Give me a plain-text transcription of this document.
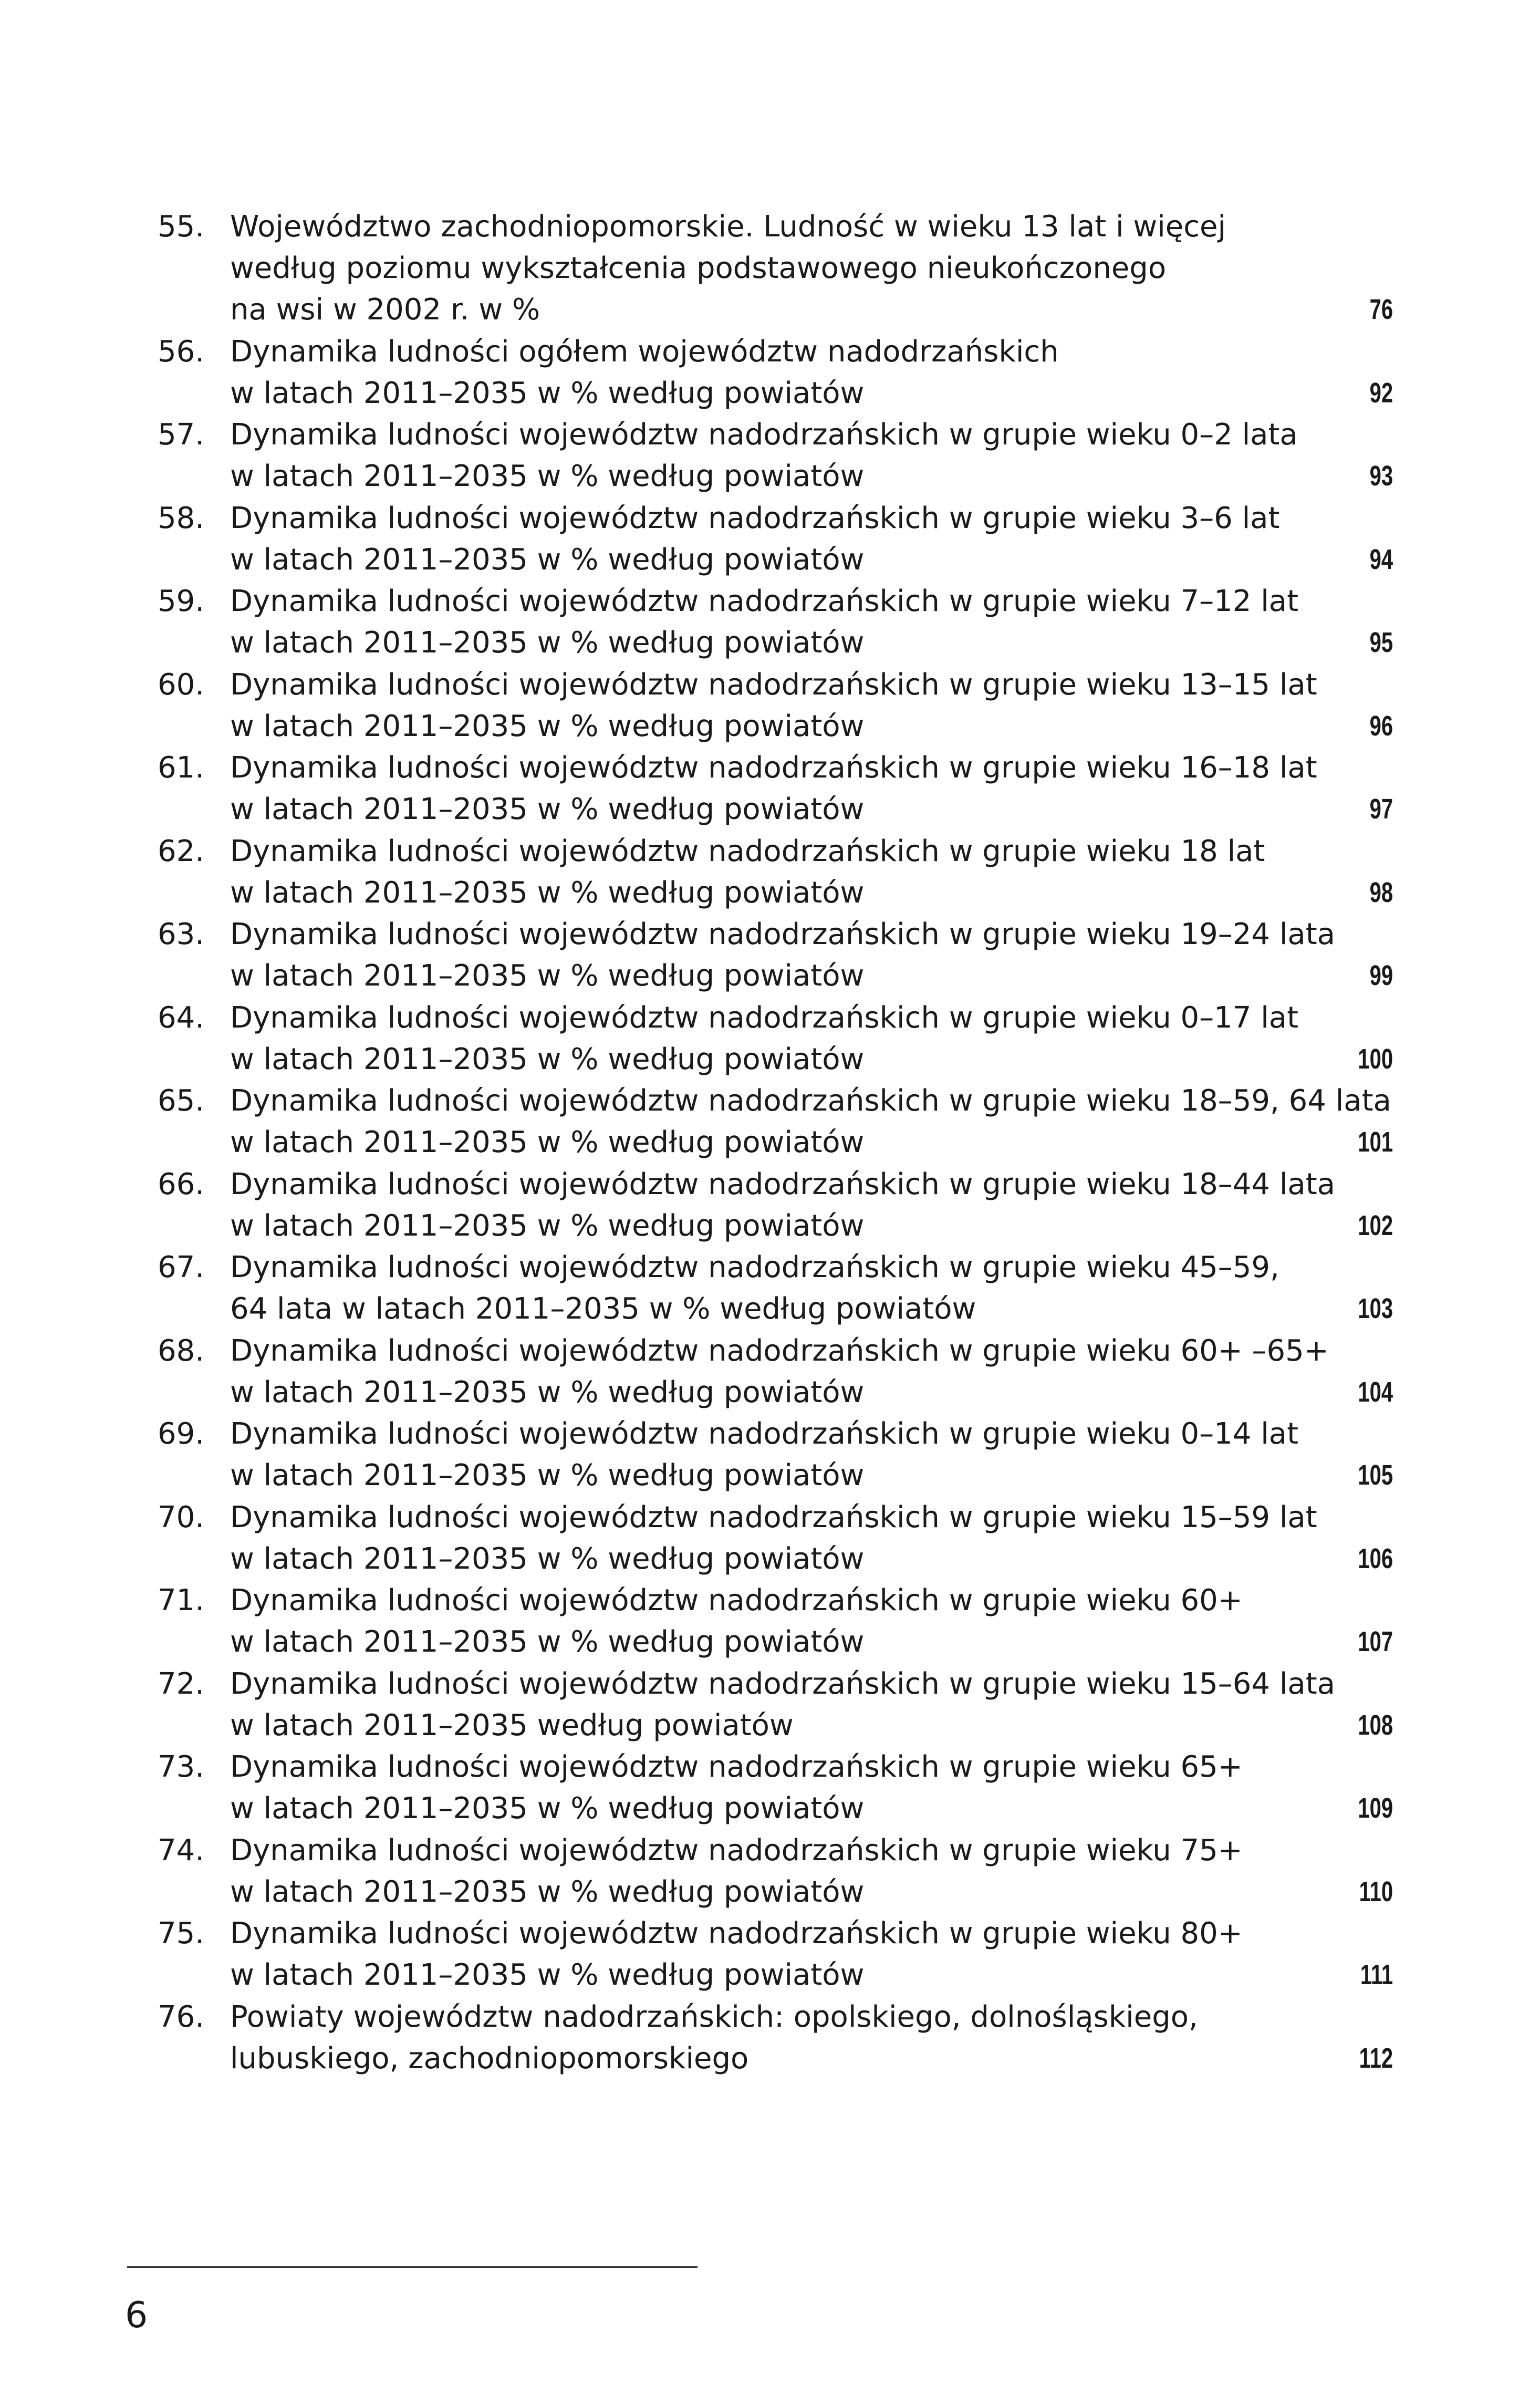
55. Województwo zachodniopomorskie. Ludność w wieku 13 lat i więcej
według poziomu wykształcenia podstawowego nieukończonego
na wsi w 2002 r. w %	76
56. Dynamika ludności ogółem województw nadodrzańskich
w latach 2011–2035 w % według powiatów	92
57. Dynamika ludności województw nadodrzańskich w grupie wieku 0–2 lata
w latach 2011–2035 w % według powiatów	93
58. Dynamika ludności województw nadodrzańskich w grupie wieku 3–6 lat
w latach 2011–2035 w % według powiatów	94
59. Dynamika ludności województw nadodrzańskich w grupie wieku 7–12 lat
w latach 2011–2035 w % według powiatów	95
60. Dynamika ludności województw nadodrzańskich w grupie wieku 13–15 lat
w latach 2011–2035 w % według powiatów	96
61. Dynamika ludności województw nadodrzańskich w grupie wieku 16–18 lat
w latach 2011–2035 w % według powiatów	97
62. Dynamika ludności województw nadodrzańskich w grupie wieku 18 lat
w latach 2011–2035 w % według powiatów	98
63. Dynamika ludności województw nadodrzańskich w grupie wieku 19–24 lata
w latach 2011–2035 w % według powiatów	99
64. Dynamika ludności województw nadodrzańskich w grupie wieku 0–17 lat
w latach 2011–2035 w % według powiatów	100
65. Dynamika ludności województw nadodrzańskich w grupie wieku 18–59, 64 lata
w latach 2011–2035 w % według powiatów	101
66. Dynamika ludności województw nadodrzańskich w grupie wieku 18–44 lata
w latach 2011–2035 w % według powiatów	102
67. Dynamika ludności województw nadodrzańskich w grupie wieku 45–59,
64 lata w latach 2011–2035 w % według powiatów	103
68. Dynamika ludności województw nadodrzańskich w grupie wieku 60+ –65+
w latach 2011–2035 w % według powiatów	104
69. Dynamika ludności województw nadodrzańskich w grupie wieku 0–14 lat
w latach 2011–2035 w % według powiatów	105
70. Dynamika ludności województw nadodrzańskich w grupie wieku 15–59 lat
w latach 2011–2035 w % według powiatów	106
71. Dynamika ludności województw nadodrzańskich w grupie wieku 60+
w latach 2011–2035 w % według powiatów	107
72. Dynamika ludności województw nadodrzańskich w grupie wieku 15–64 lata
w latach 2011–2035 według powiatów	108
73. Dynamika ludności województw nadodrzańskich w grupie wieku 65+
w latach 2011–2035 w % według powiatów	109
74. Dynamika ludności województw nadodrzańskich w grupie wieku 75+
w latach 2011–2035 w % według powiatów	110
75. Dynamika ludności województw nadodrzańskich w grupie wieku 80+
w latach 2011–2035 w % według powiatów	111
76. Powiaty województw nadodrzańskich: opolskiego, dolnośląskiego,
lubuskiego, zachodniopomorskiego	112
6
